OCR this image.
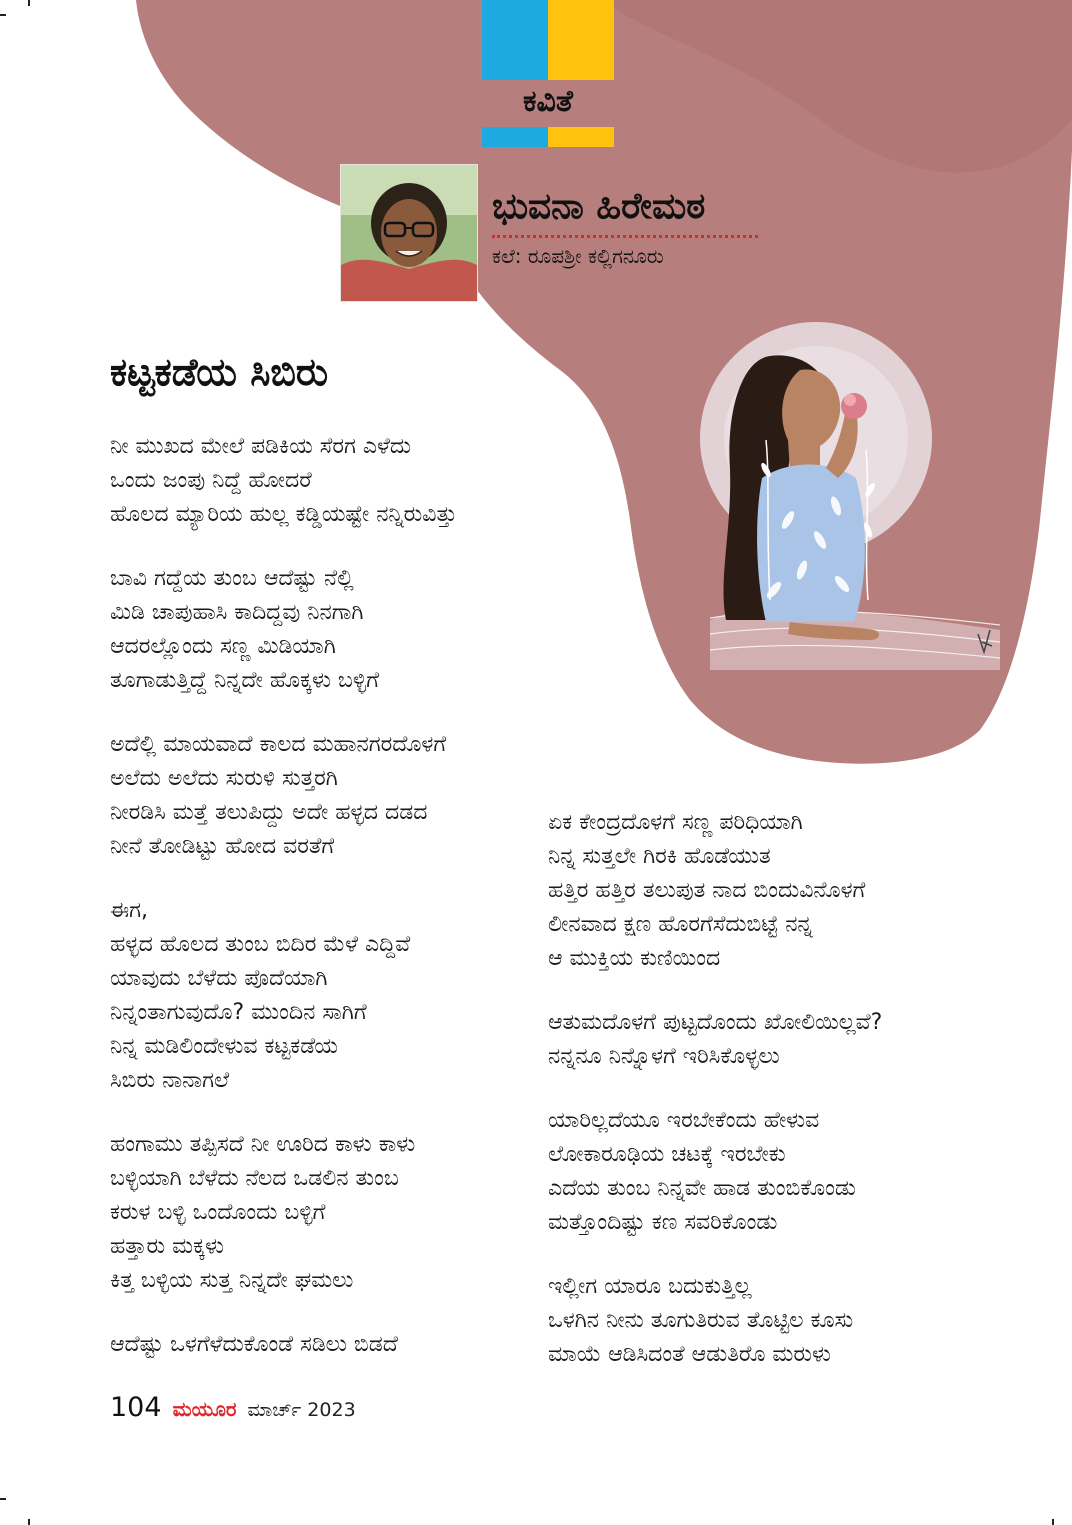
ಕವಿತೆ
ಭುವನಾ ಹಿರೇಮಠ
ಕಲೆ: ರೂಪಶ್ರೀ ಕಲ್ಲಿಗನೂರು
ಕಟ್ಟಕಡೆಯ ಸಿಬಿರು
ನೀ ಮುಖದ ಮೇಲೆ ಪಡಿಕಿಯ ಸೆರಗ ಎಳೆದು
ಒಂದು ಜಂಪು ನಿದ್ದೆ ಹೋದರೆ
ಹೊಲದ ಮ್ಯಾರಿಯ ಹುಲ್ಲ ಕಡ್ಡಿಯಷ್ಟೇ ನನ್ನಿರುವಿತ್ತು
ಬಾವಿ ಗದ್ದೆಯ ತುಂಬ ಆದೆಷ್ಟು ನೆಲ್ಲಿ
ಮಿಡಿ ಚಾಪುಹಾಸಿ ಕಾದಿದ್ದವು ನಿನಗಾಗಿ
ಆದರಲ್ಲೊಂದು ಸಣ್ಣ ಮಿಡಿಯಾಗಿ
ತೂಗಾಡುತ್ತಿದ್ದೆ ನಿನ್ನದೇ ಹೊಕ್ಕಳು ಬಳ್ಳಿಗೆ
ಅದೆಲ್ಲಿ ಮಾಯವಾದೆ ಕಾಲದ ಮಹಾನಗರದೊಳಗೆ
ಅಲೆದು ಅಲೆದು ಸುರುಳಿ ಸುತ್ತರಗಿ
ನೀರಡಿಸಿ ಮತ್ತೆ ತಲುಪಿದ್ದು ಅದೇ ಹಳ್ಳದ ದಡದ
ನೀನೆ ತೋಡಿಟ್ಟು ಹೋದ ವರತೆಗೆ
ಈಗ,
ಹಳ್ಳದ ಹೊಲದ ತುಂಬ ಬಿದಿರ ಮೆಳೆ ಎದ್ದಿವೆ
ಯಾವುದು ಬೆಳೆದು ಪೊದೆಯಾಗಿ
ನಿನ್ನಂತಾಗುವುದೊ? ಮುಂದಿನ ಸಾಗಿಗೆ
ನಿನ್ನ ಮಡಿಲಿಂದೇಳುವ ಕಟ್ಟಕಡೆಯ
ಸಿಬಿರು ನಾನಾಗಲೆ
ಹಂಗಾಮು ತಪ್ಪಿಸದೆ ನೀ ಊರಿದ ಕಾಳು ಕಾಳು
ಬಳ್ಳಿಯಾಗಿ ಬೆಳೆದು ನೆಲದ ಒಡಲಿನ ತುಂಬ
ಕರುಳ ಬಳ್ಳಿ ಒಂದೊಂದು ಬಳ್ಳಿಗೆ
ಹತ್ತಾರು ಮಕ್ಕಳು
ಕಿತ್ತ ಬಳ್ಳಿಯ ಸುತ್ತ ನಿನ್ನದೇ ಘಮಲು
ಆದೆಷ್ಟು ಒಳಗೆಳೆದುಕೊಂಡೆ ಸಡಿಲು ಬಿಡದೆ
ಏಕ ಕೇಂದ್ರದೊಳಗೆ ಸಣ್ಣ ಪರಿಧಿಯಾಗಿ
ನಿನ್ನ ಸುತ್ತಲೇ ಗಿರಕಿ ಹೊಡೆಯುತ
ಹತ್ತಿರ ಹತ್ತಿರ ತಲುಪುತ ನಾದ ಬಿಂದುವಿನೊಳಗೆ
ಲೀನವಾದ ಕ್ಷಣ ಹೊರಗೆಸೆದುಬಿಟ್ಟೆ ನನ್ನ
ಆ ಮುಕ್ತಿಯ ಕುಣಿಯಿಂದ
ಆತುಮದೊಳಗೆ ಪುಟ್ಟದೊಂದು ಖೋಲಿಯಿಲ್ಲವೆ?
ನನ್ನನೂ ನಿನ್ನೊಳಗೆ ಇರಿಸಿಕೊಳ್ಳಲು
ಯಾರಿಲ್ಲದೆಯೂ ಇರಬೇಕೆಂದು ಹೇಳುವ
ಲೋಕಾರೂಢಿಯ ಚಟಕ್ಕೆ ಇರಬೇಕು
ಎದೆಯ ತುಂಬ ನಿನ್ನವೇ ಹಾಡ ತುಂಬಿಕೊಂಡು
ಮತ್ತೊಂದಿಷ್ಟು ಕಣ ಸವರಿಕೊಂಡು
ಇಲ್ಲೀಗ ಯಾರೂ ಬದುಕುತ್ತಿಲ್ಲ
ಒಳಗಿನ ನೀನು ತೂಗುತಿರುವ ತೊಟ್ಟಿಲ ಕೂಸು
ಮಾಯೆ ಆಡಿಸಿದಂತೆ ಆಡುತಿರೊ ಮರುಳು
104 ಮಯೂರ ಮಾರ್ಚ್ 2023
